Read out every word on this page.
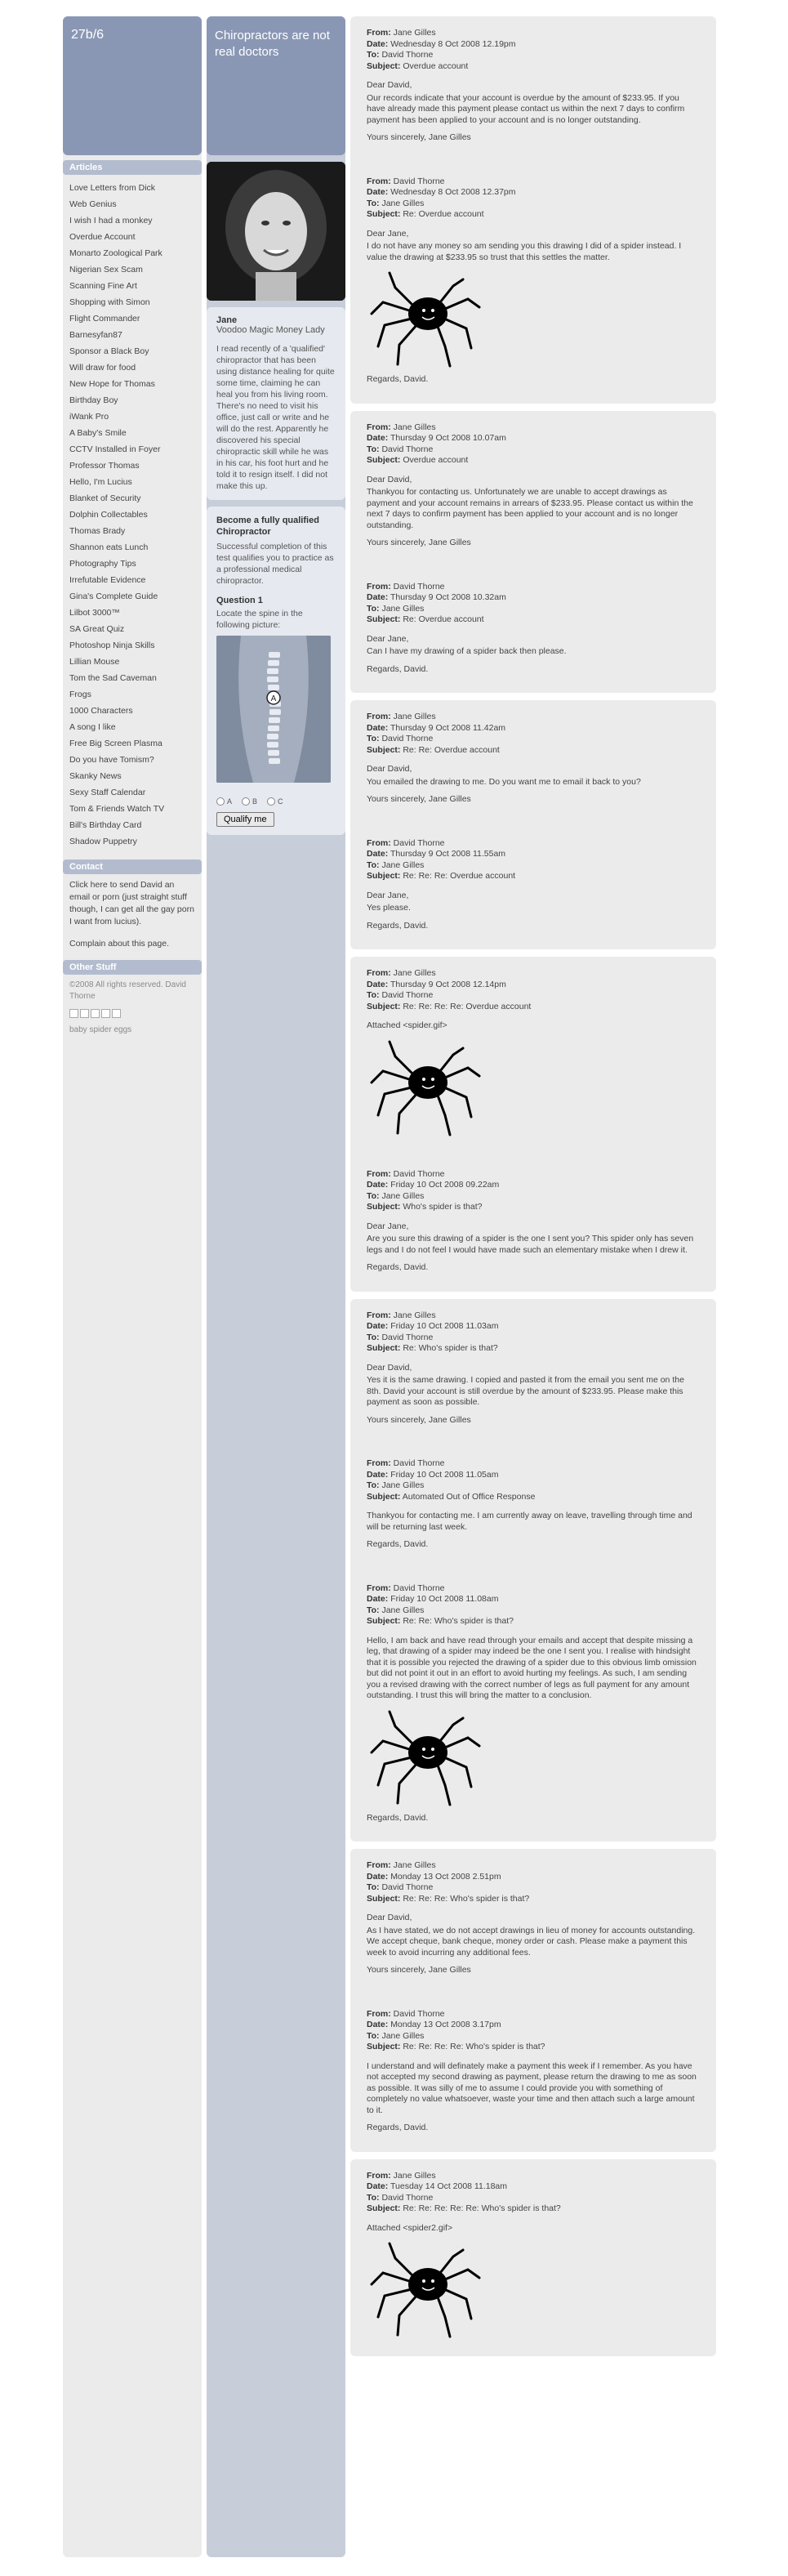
27b/6
Articles
Love Letters from Dick
Web Genius
I wish I had a monkey
Overdue Account
Monarto Zoological Park
Nigerian Sex Scam
Scanning Fine Art
Shopping with Simon
Flight Commander
Barnesyfan87
Sponsor a Black Boy
Will draw for food
New Hope for Thomas
Birthday Boy
iWank Pro
A Baby's Smile
CCTV Installed in Foyer
Professor Thomas
Hello, I'm Lucius
Blanket of Security
Dolphin Collectables
Thomas Brady
Shannon eats Lunch
Photography Tips
Irrefutable Evidence
Gina's Complete Guide
Lilbot 3000™
SA Great Quiz
Photoshop Ninja Skills
Lillian Mouse
Tom the Sad Caveman
Frogs
1000 Characters
A song I like
Free Big Screen Plasma
Do you have Tomism?
Skanky News
Sexy Staff Calendar
Tom & Friends Watch TV
Bill's Birthday Card
Shadow Puppetry
Contact
Click here to send David an email or porn (just straight stuff though, I can get all the gay porn I want from lucius).
Complain about this page.
Other Stuff
©2008 All rights reserved. David Thorne
baby spider eggs
Chiropractors are not real doctors
Jane
Voodoo Magic Money Lady
I read recently of a 'qualified' chiropractor that has been using distance healing for quite some time, claiming he can heal you from his living room. There's no need to visit his office, just call or write and he will do the rest. Apparently he discovered his special chiropractic skill while he was in his car, his foot hurt and he told it to resign itself. I did not make this up.
Become a fully qualified Chiropractor
Successful completion of this test qualifies you to practice as a professional medical chiropractor.
Question 1
Locate the spine in the following picture:
A
A	B	C
Qualify me
From: Jane Gilles
Date: Wednesday 8 Oct 2008 12.19pm
To: David Thorne
Subject: Overdue account
Dear David,
Our records indicate that your account is overdue by the amount of $233.95. If you have already made this payment please contact us within the next 7 days to confirm payment has been applied to your account and is no longer outstanding.
Yours sincerely, Jane Gilles
From: David Thorne
Date: Wednesday 8 Oct 2008 12.37pm
To: Jane Gilles
Subject: Re: Overdue account
Dear Jane,
I do not have any money so am sending you this drawing I did of a spider instead. I value the drawing at $233.95 so trust that this settles the matter.
Regards, David.
From: Jane Gilles
Date: Thursday 9 Oct 2008 10.07am
To: David Thorne
Subject: Overdue account
Dear David,
Thankyou for contacting us. Unfortunately we are unable to accept drawings as payment and your account remains in arrears of $233.95. Please contact us within the next 7 days to confirm payment has been applied to your account and is no longer outstanding.
Yours sincerely, Jane Gilles
From: David Thorne
Date: Thursday 9 Oct 2008 10.32am
To: Jane Gilles
Subject: Re: Overdue account
Dear Jane,
Can I have my drawing of a spider back then please.
Regards, David.
From: Jane Gilles
Date: Thursday 9 Oct 2008 11.42am
To: David Thorne
Subject: Re: Re: Overdue account
Dear David,
You emailed the drawing to me. Do you want me to email it back to you?
Yours sincerely, Jane Gilles
From: David Thorne
Date: Thursday 9 Oct 2008 11.55am
To: Jane Gilles
Subject: Re: Re: Re: Overdue account
Dear Jane,
Yes please.
Regards, David.
From: Jane Gilles
Date: Thursday 9 Oct 2008 12.14pm
To: David Thorne
Subject: Re: Re: Re: Re: Overdue account
Attached <spider.gif>
From: David Thorne
Date: Friday 10 Oct 2008 09.22am
To: Jane Gilles
Subject: Who's spider is that?
Dear Jane,
Are you sure this drawing of a spider is the one I sent you? This spider only has seven legs and I do not feel I would have made such an elementary mistake when I drew it.
Regards, David.
From: Jane Gilles
Date: Friday 10 Oct 2008 11.03am
To: David Thorne
Subject: Re: Who's spider is that?
Dear David,
Yes it is the same drawing. I copied and pasted it from the email you sent me on the 8th. David your account is still overdue by the amount of $233.95. Please make this payment as soon as possible.
Yours sincerely, Jane Gilles
From: David Thorne
Date: Friday 10 Oct 2008 11.05am
To: Jane Gilles
Subject: Automated Out of Office Response
Thankyou for contacting me. I am currently away on leave, travelling through time and will be returning last week.
Regards, David.
From: David Thorne
Date: Friday 10 Oct 2008 11.08am
To: Jane Gilles
Subject: Re: Re: Who's spider is that?
Hello, I am back and have read through your emails and accept that despite missing a leg, that drawing of a spider may indeed be the one I sent you. I realise with hindsight that it is possible you rejected the drawing of a spider due to this obvious limb omission but did not point it out in an effort to avoid hurting my feelings. As such, I am sending you a revised drawing with the correct number of legs as full payment for any amount outstanding. I trust this will bring the matter to a conclusion.
Regards, David.
From: Jane Gilles
Date: Monday 13 Oct 2008 2.51pm
To: David Thorne
Subject: Re: Re: Re: Who's spider is that?
Dear David,
As I have stated, we do not accept drawings in lieu of money for accounts outstanding. We accept cheque, bank cheque, money order or cash. Please make a payment this week to avoid incurring any additional fees.
Yours sincerely, Jane Gilles
From: David Thorne
Date: Monday 13 Oct 2008 3.17pm
To: Jane Gilles
Subject: Re: Re: Re: Re: Who's spider is that?
I understand and will definately make a payment this week if I remember. As you have not accepted my second drawing as payment, please return the drawing to me as soon as possible. It was silly of me to assume I could provide you with something of completely no value whatsoever, waste your time and then attach such a large amount to it.
Regards, David.
From: Jane Gilles
Date: Tuesday 14 Oct 2008 11.18am
To: David Thorne
Subject: Re: Re: Re: Re: Re: Who's spider is that?
Attached <spider2.gif>
